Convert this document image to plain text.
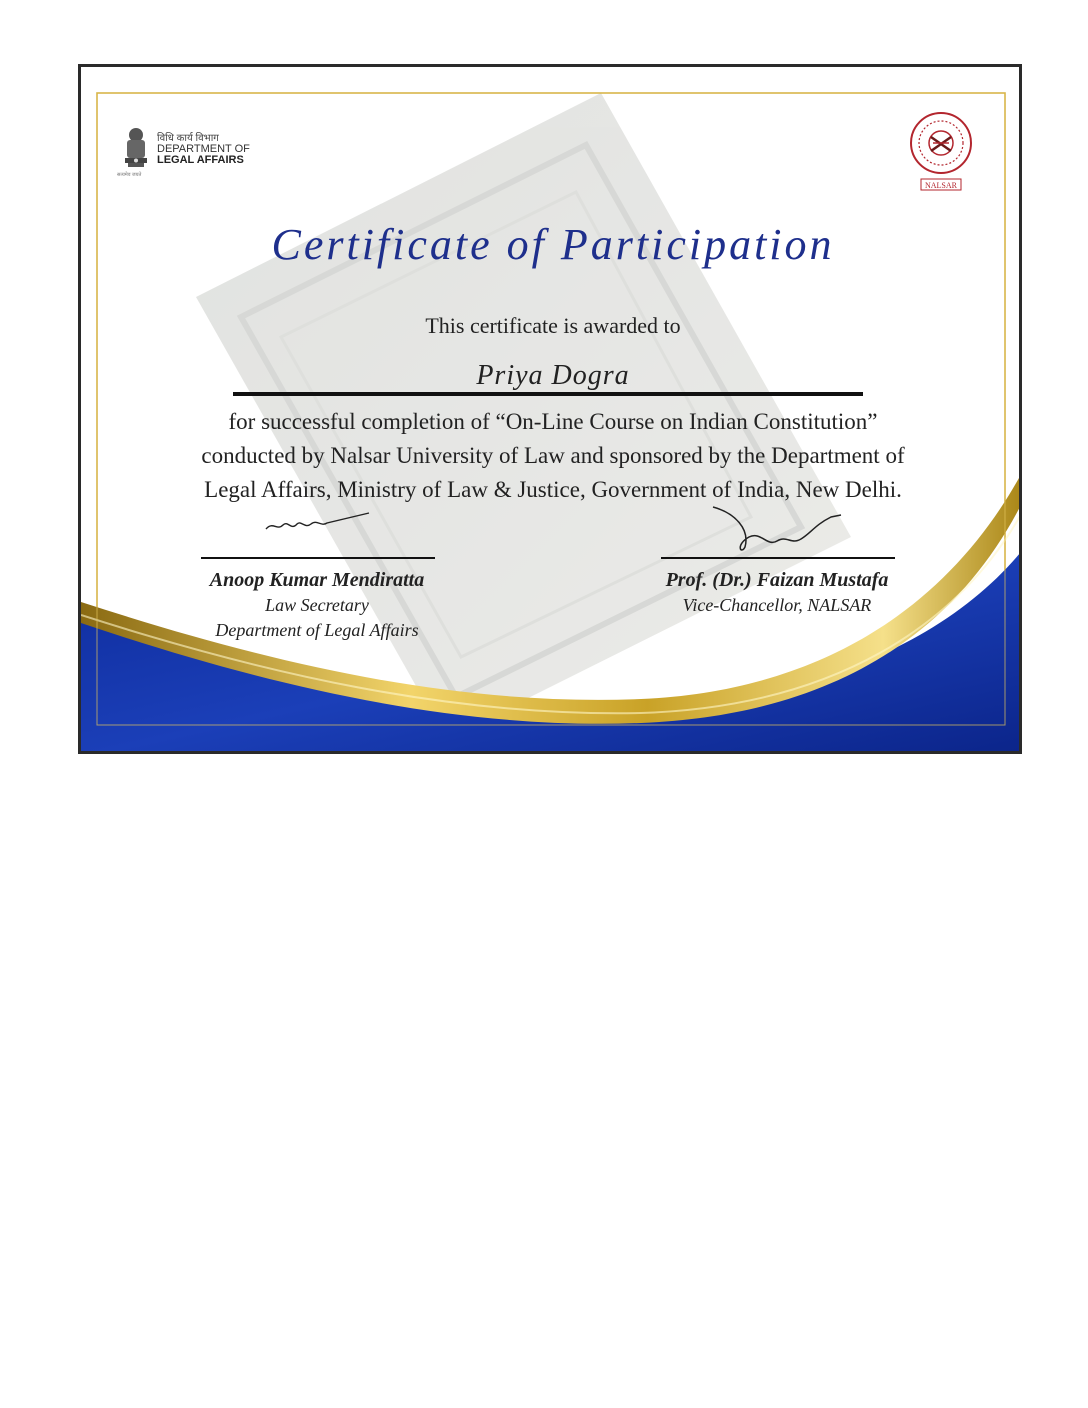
विधि कार्य विभाग
DEPARTMENT OF
LEGAL AFFAIRS
सत्यमेव जयते
NALSAR
Certificate of Participation
This certificate is awarded to
Priya Dogra
for successful completion of “On-Line Course on Indian Constitution”
conducted by Nalsar University of Law and sponsored by the Department of
Legal Affairs, Ministry of Law & Justice, Government of India, New Delhi.
Anoop Kumar Mendiratta
Law Secretary
Department of Legal Affairs
Prof. (Dr.) Faizan Mustafa
Vice-Chancellor, NALSAR
